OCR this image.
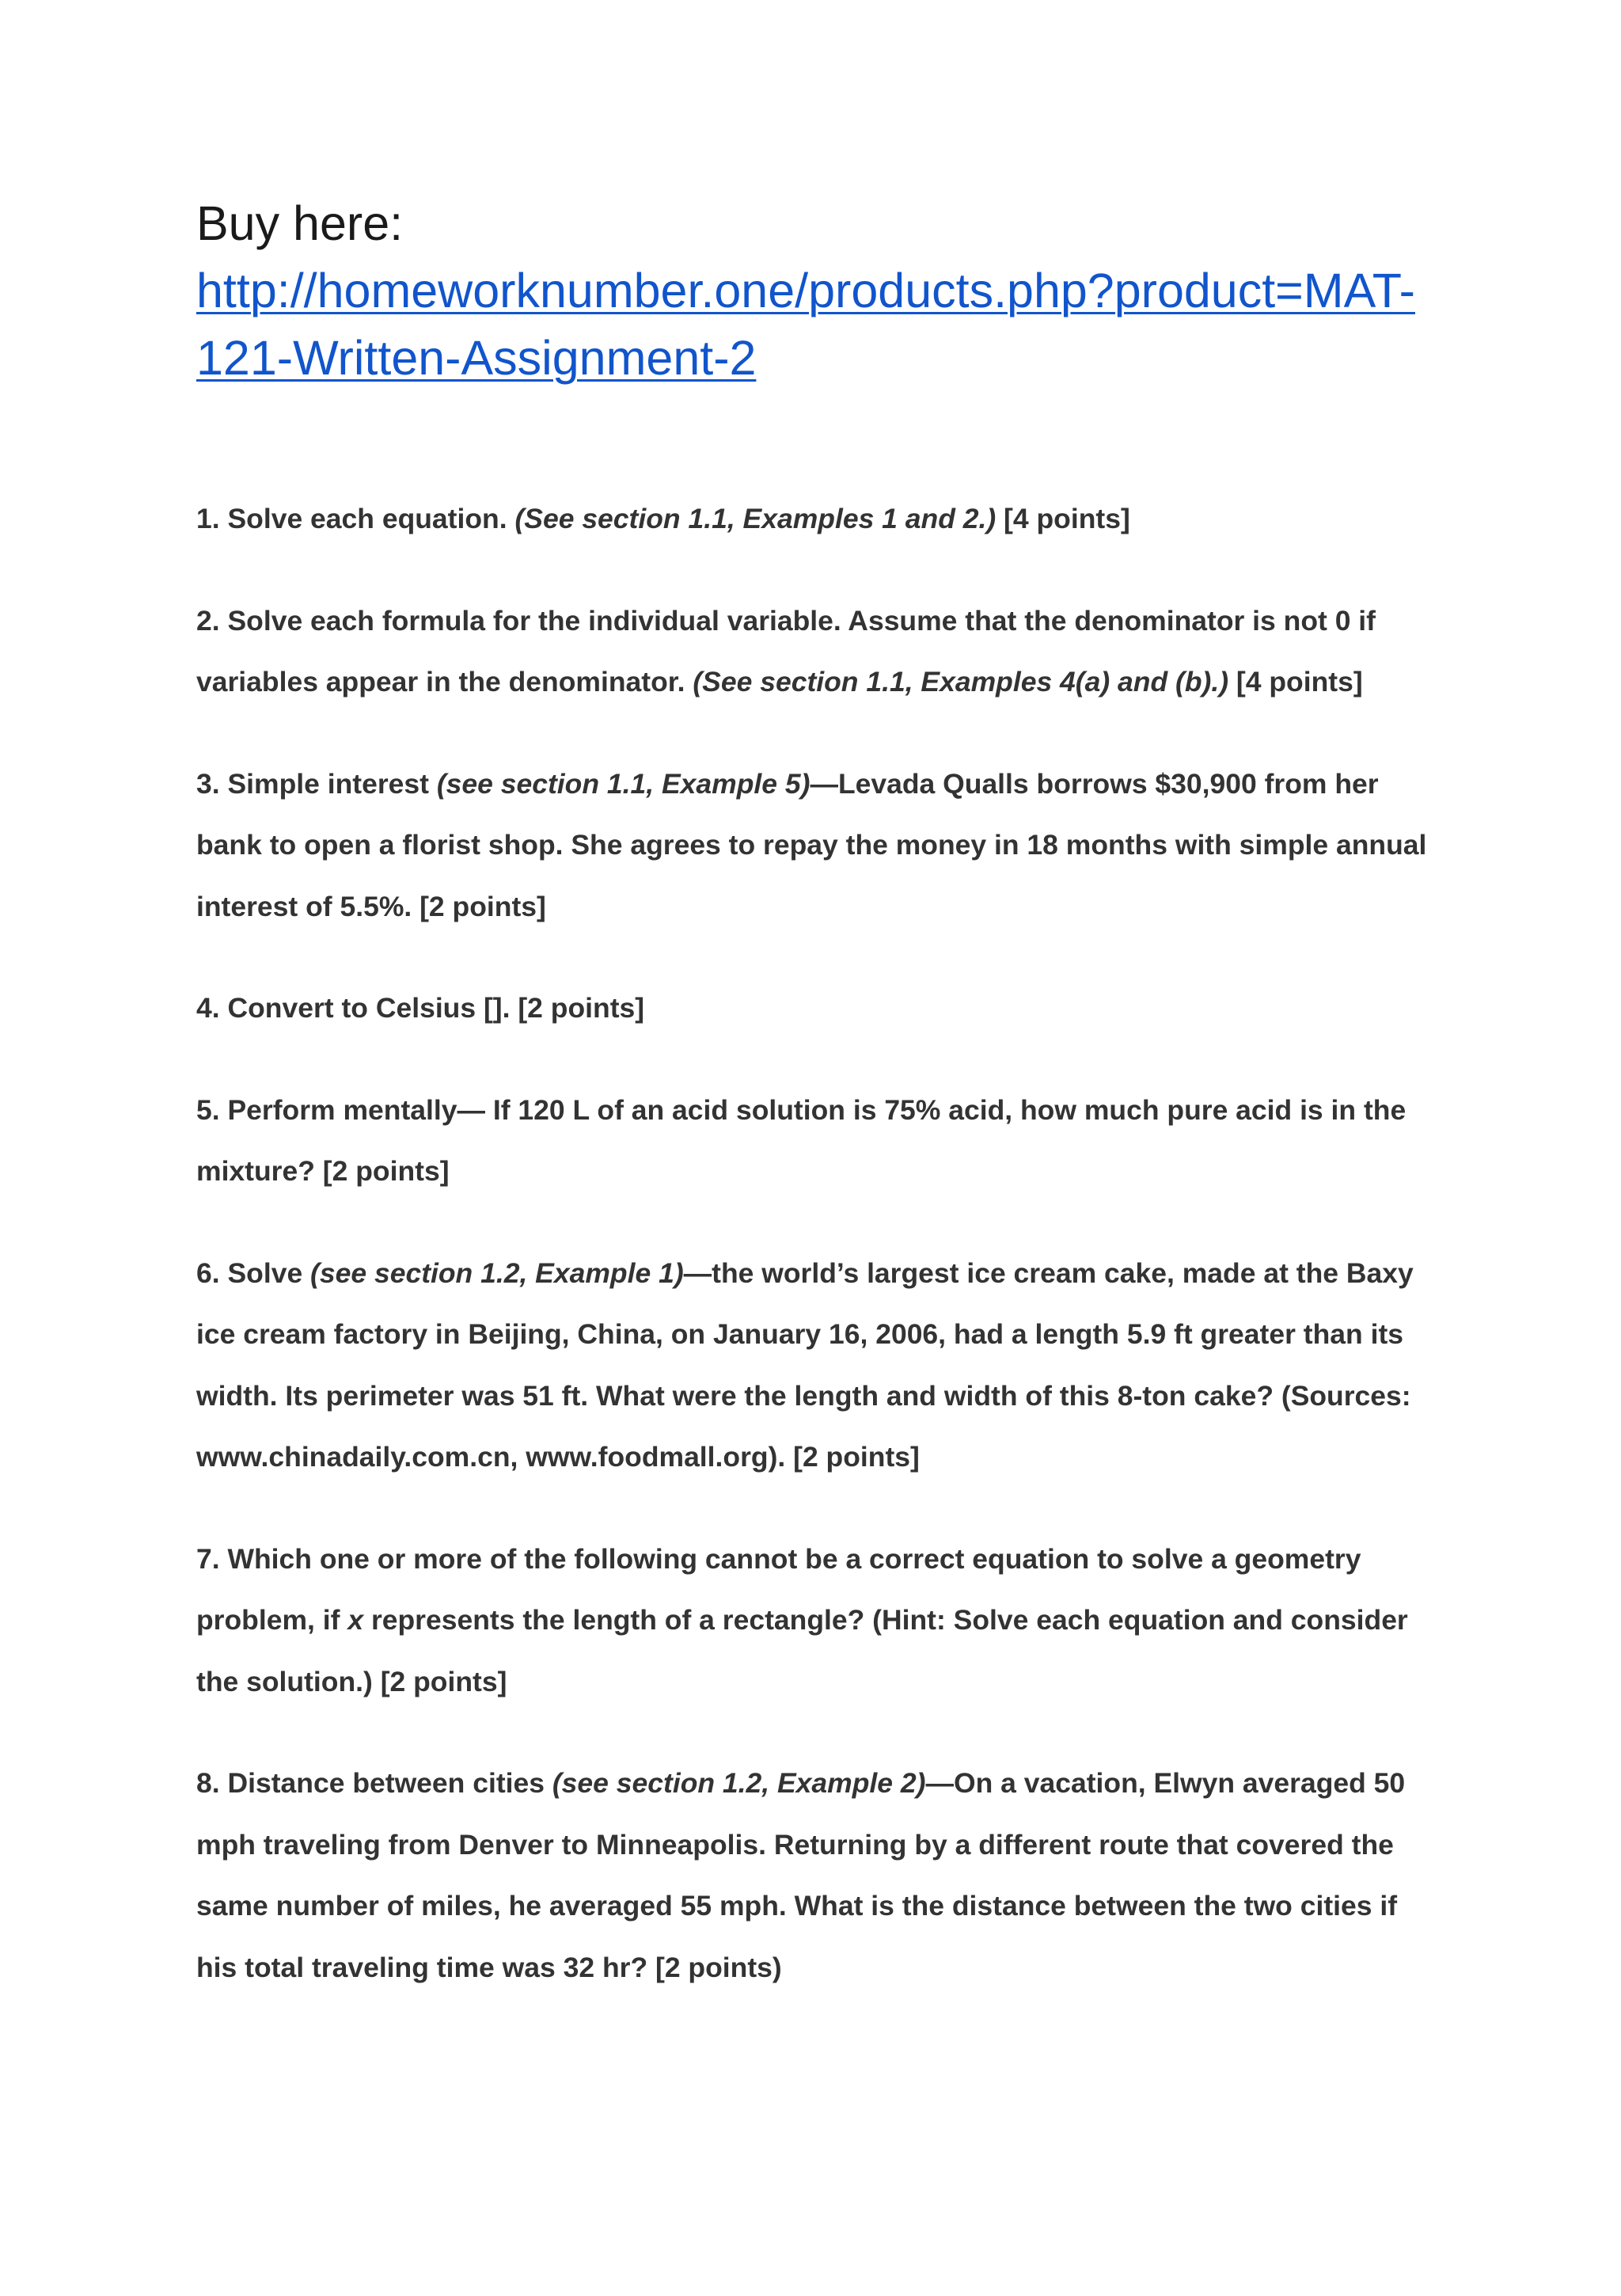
Buy here:
http://homeworknumber.one/products.php?product=MAT-121-Written-Assignment-2

1. Solve each equation. (See section 1.1, Examples 1 and 2.) [4 points]

2. Solve each formula for the individual variable. Assume that the denominator is not 0 if variables appear in the denominator. (See section 1.1, Examples 4(a) and (b).) [4 points]

3. Simple interest (see section 1.1, Example 5)—Levada Qualls borrows $30,900 from her bank to open a florist shop. She agrees to repay the money in 18 months with simple annual interest of 5.5%. [2 points]

4. Convert to Celsius []. [2 points]

5. Perform mentally— If 120 L of an acid solution is 75% acid, how much pure acid is in the mixture? [2 points]

6. Solve (see section 1.2, Example 1)—the world’s largest ice cream cake, made at the Baxy ice cream factory in Beijing, China, on January 16, 2006, had a length 5.9 ft greater than its width. Its perimeter was 51 ft. What were the length and width of this 8-ton cake? (Sources: www.chinadaily.com.cn, www.foodmall.org). [2 points]

7. Which one or more of the following cannot be a correct equation to solve a geometry problem, if x represents the length of a rectangle? (Hint: Solve each equation and consider the solution.) [2 points]

8. Distance between cities (see section 1.2, Example 2)—On a vacation, Elwyn averaged 50 mph traveling from Denver to Minneapolis. Returning by a different route that covered the same number of miles, he averaged 55 mph. What is the distance between the two cities if his total traveling time was 32 hr? [2 points)
